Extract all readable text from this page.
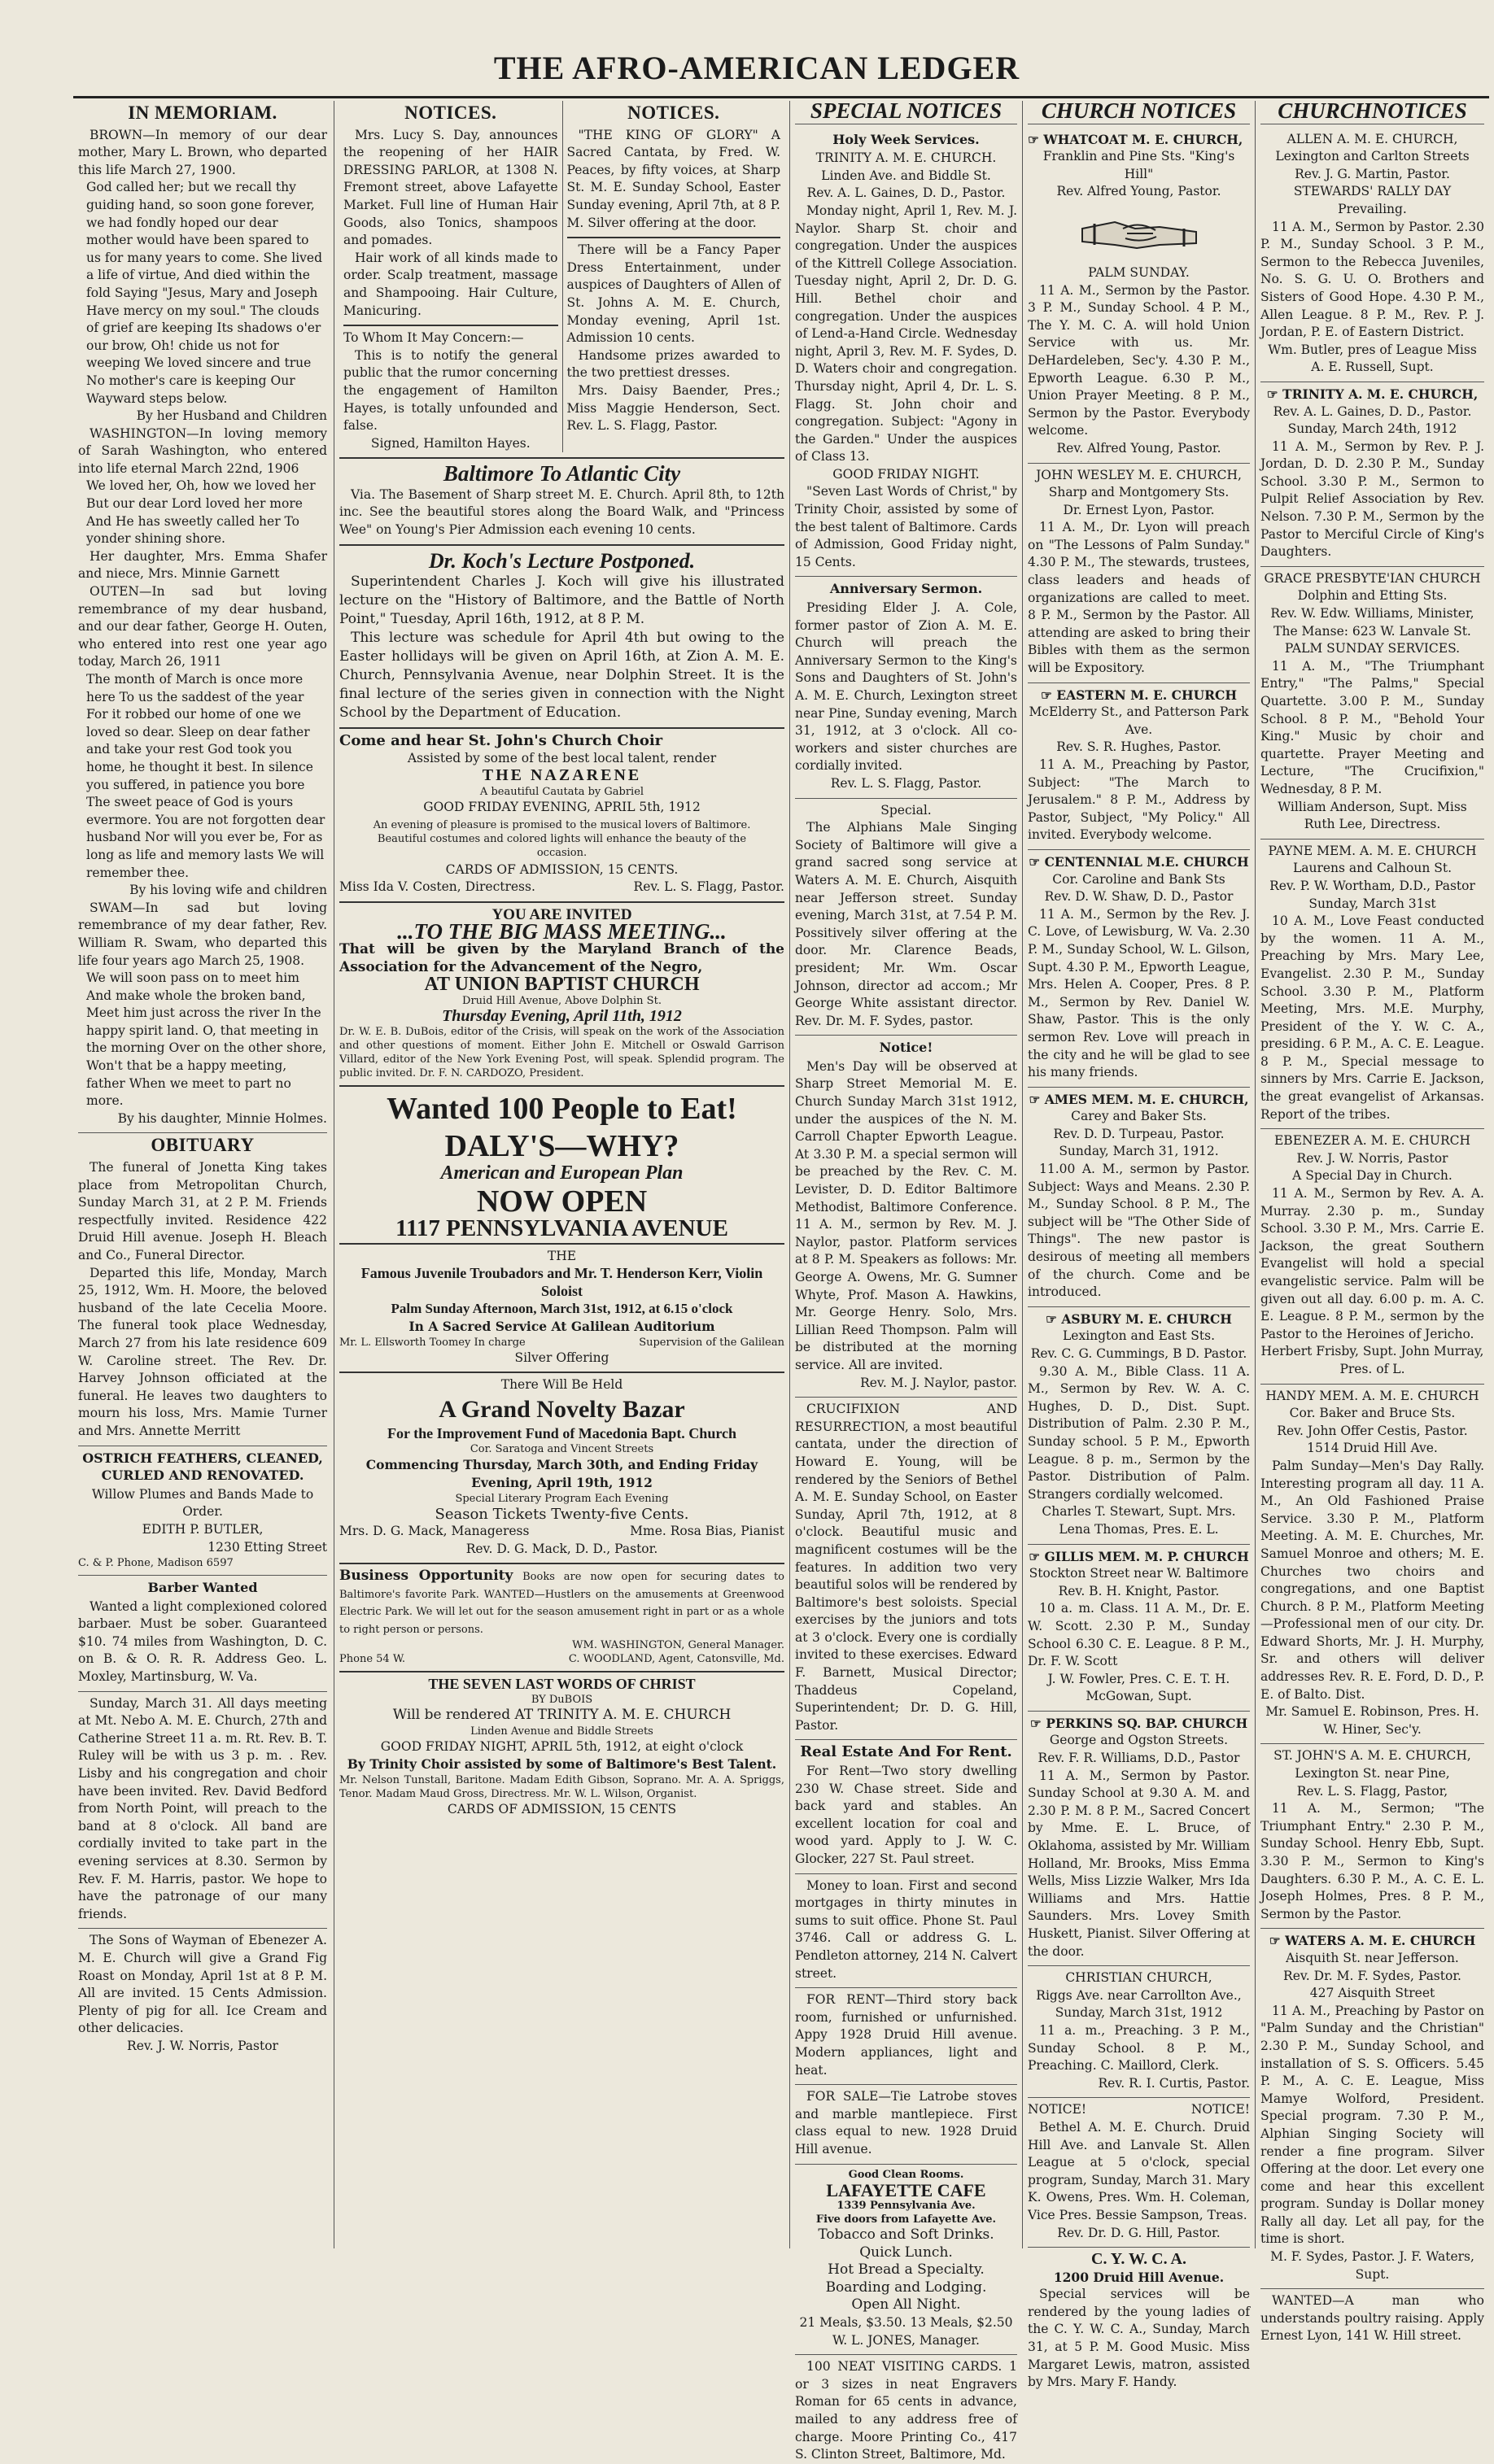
THE AFRO-AMERICAN LEDGER
IN MEMORIAM.

BROWN—In memory of our dear mother, Mary L. Brown, who departed this life March 27, 1900.

God called her; but we recall thy guiding hand, so soon gone forever, we had fondly hoped our dear mother would have been spared to us for many years to come. She lived a life of virtue, And died within the fold Saying "Jesus, Mary and Joseph Have mercy on my soul." The clouds of grief are keeping Its shadows o'er our brow, Oh! chide us not for weeping We loved sincere and true No mother's care is keeping Our Wayward steps below.
By her Husband and Children

WASHINGTON—In loving memory of Sarah Washington, who entered into life eternal March 22nd, 1906

We loved her, Oh, how we loved her But our dear Lord loved her more And He has sweetly called her To yonder shining shore.

Her daughter, Mrs. Emma Shafer and niece, Mrs. Minnie Garnett

OUTEN—In sad but loving remembrance of my dear husband, and our dear father, George H. Outen, who entered into rest one year ago today, March 26, 1911

The month of March is once more here To us the saddest of the year For it robbed our home of one we loved so dear. Sleep on dear father and take your rest God took you home, he thought it best. In silence you suffered, in patience you bore The sweet peace of God is yours evermore. You are not forgotten dear husband Nor will you ever be, For as long as life and memory lasts We will remember thee.
By his loving wife and children

SWAM—In sad but loving remembrance of my dear father, Rev. William R. Swam, who departed this life four years ago March 25, 1908.

We will soon pass on to meet him And make whole the broken band, Meet him just across the river In the happy spirit land. O, that meeting in the morning Over on the other shore, Won't that be a happy meeting, father When we meet to part no more.
By his daughter, Minnie Holmes.
OBITUARY

The funeral of Jonetta King takes place from Metropolitan Church, Sunday March 31, at 2 P. M. Friends respectfully invited. Residence 422 Druid Hill avenue. Joseph H. Bleach and Co., Funeral Director.

Departed this life, Monday, March 25, 1912, Wm. H. Moore, the beloved husband of the late Cecelia Moore. The funeral took place Wednesday, March 27 from his late residence 609 W. Caroline street. The Rev. Dr. Harvey Johnson officiated at the funeral. He leaves two daughters to mourn his loss, Mrs. Mamie Turner and Mrs. Annette Merritt

OSTRICH FEATHERS, CLEANED, CURLED AND RENOVATED.
Willow Plumes and Bands Made to Order.
EDITH P. BUTLER,
1230 Etting Street
C. & P. Phone, Madison 6597
Barber Wanted

Wanted a light complexioned colored barbaer. Must be sober. Guaranteed $10. 74 miles from Washington, D. C. on B. & O. R. R. Address Geo. L. Moxley, Martinsburg, W. Va.

Sunday, March 31. All days meeting at Mt. Nebo A. M. E. Church, 27th and Catherine Street 11 a. m. Rt. Rev. B. T. Ruley will be with us 3 p. m. . Rev. Lisby and his congregation and choir have been invited. Rev. David Bedford from North Point, will preach to the band at 8 o'clock. All band are cordially invited to take part in the evening services at 8.30. Sermon by Rev. F. M. Harris, pastor. We hope to have the patronage of our many friends.

The Sons of Wayman of Ebenezer A. M. E. Church will give a Grand Fig Roast on Monday, April 1st at 8 P. M. All are invited. 15 Cents Admission. Plenty of pig for all. Ice Cream and other delicacies.

Rev. J. W. Norris, Pastor
NOTICES.

Mrs. Lucy S. Day, announces the reopening of her HAIR DRESSING PARLOR, at 1308 N. Fremont street, above Lafayette Market. Full line of Human Hair Goods, also Tonics, shampoos and pomades.

Hair work of all kinds made to order. Scalp treatment, massage and Shampooing. Hair Culture, Manicuring.

To Whom It May Concern:—

This is to notify the general public that the rumor concerning the engagement of Hamilton Hayes, is totally unfounded and false.

Signed, Hamilton Hayes.
NOTICES.

"THE KING OF GLORY" A Sacred Cantata, by Fred. W. Peaces, by fifty voices, at Sharp St. M. E. Sunday School, Easter Sunday evening, April 7th, at 8 P. M. Silver offering at the door.

There will be a Fancy Paper Dress Entertainment, under auspices of Daughters of Allen of St. Johns A. M. E. Church, Monday evening, April 1st. Admission 10 cents.

Handsome prizes awarded to the two prettiest dresses.

Mrs. Daisy Baender, Pres.; Miss Maggie Henderson, Sect. Rev. L. S. Flagg, Pastor.

Baltimore To Atlantic City

Via. The Basement of Sharp street M. E. Church. April 8th, to 12th inc. See the beautiful stores along the Board Walk, and "Princess Wee" on Young's Pier Admission each evening 10 cents.

Dr. Koch's Lecture Postponed.

Superintendent Charles J. Koch will give his illustrated lecture on the "History of Baltimore, and the Battle of North Point," Tuesday, April 16th, 1912, at 8 P. M.

This lecture was schedule for April 4th but owing to the Easter hollidays will be given on April 16th, at Zion A. M. E. Church, Pennsylvania Avenue, near Dolphin Street. It is the final lecture of the series given in connection with the Night School by the Department of Education.

Come and hear St. John's Church Choir
Assisted by some of the best local talent, render
THE NAZARENE
A beautiful Cautata by Gabriel
GOOD FRIDAY EVENING, APRIL 5th, 1912
An evening of pleasure is promised to the musical lovers of Baltimore. Beautiful costumes and colored lights will enhance the beauty of the occasion.
CARDS OF ADMISSION, 15 CENTS.
Miss Ida V. Costen, Directress.	Rev. L. S. Flagg, Pastor.
YOU ARE INVITED
...TO THE BIG MASS MEETING...
That will be given by the Maryland Branch of the Association for the Advancement of the Negro,
AT UNION BAPTIST CHURCH
Druid Hill Avenue, Above Dolphin St.
Thursday Evening, April 11th, 1912
Dr. W. E. B. DuBois, editor of the Crisis, will speak on the work of the Association and other questions of moment. Either John E. Mitchell or Oswald Garrison Villard, editor of the New York Evening Post, will speak. Splendid program. The public invited. Dr. F. N. CARDOZO, President.
Wanted 100 People to Eat!
DALY'S—WHY?
American and European Plan
NOW OPEN
1117 PENNSYLVANIA AVENUE
THE
Famous Juvenile Troubadors and Mr. T. Henderson Kerr, Violin Soloist
Palm Sunday Afternoon, March 31st, 1912, at 6.15 o'clock
In A Sacred Service At Galilean Auditorium
Mr. L. Ellsworth Toomey In charge	Supervision of the Galilean
Silver Offering
There Will Be Held
A Grand Novelty Bazar
For the Improvement Fund of Macedonia Bapt. Church
Cor. Saratoga and Vincent Streets
Commencing Thursday, March 30th, and Ending Friday Evening, April 19th, 1912
Special Literary Program Each Evening
Season Tickets Twenty-five Cents.
Mrs. D. G. Mack, Manageress	Mme. Rosa Bias, Pianist
Rev. D. G. Mack, D. D., Pastor.
Business Opportunity Books are now open for securing dates to Baltimore's favorite Park. WANTED—Hustlers on the amusements at Greenwood Electric Park. We will let out for the season amusement right in part or as a whole to right person or persons.
WM. WASHINGTON, General Manager.
Phone 54 W.	C. WOODLAND, Agent, Catonsville, Md.
THE SEVEN LAST WORDS OF CHRIST
BY DuBOIS
Will be rendered AT TRINITY A. M. E. CHURCH
Linden Avenue and Biddle Streets
GOOD FRIDAY NIGHT, APRIL 5th, 1912, at eight o'clock
By Trinity Choir assisted by some of Baltimore's Best Talent.
Mr. Nelson Tunstall, Baritone. Madam Edith Gibson, Soprano. Mr. A. A. Spriggs, Tenor. Madam Maud Gross, Directress. Mr. W. L. Wilson, Organist.
CARDS OF ADMISSION, 15 CENTS
SPECIAL NOTICES
Holy Week Services.
TRINITY A. M. E. CHURCH.
Linden Ave. and Biddle St.
Rev. A. L. Gaines, D. D., Pastor.

Monday night, April 1, Rev. M. J. Naylor. Sharp St. choir and congregation. Under the auspices of the Kittrell College Association. Tuesday night, April 2, Dr. D. G. Hill. Bethel choir and congregation. Under the auspices of Lend-a-Hand Circle. Wednesday night, April 3, Rev. M. F. Sydes, D. D. Waters choir and congregation. Thursday night, April 4, Dr. L. S. Flagg. St. John choir and congregation. Subject: "Agony in the Garden." Under the auspices of Class 13.

GOOD FRIDAY NIGHT.

"Seven Last Words of Christ," by Trinity Choir, assisted by some of the best talent of Baltimore. Cards of Admission, Good Friday night, 15 Cents.

Anniversary Sermon.

Presiding Elder J. A. Cole, former pastor of Zion A. M. E. Church will preach the Anniversary Sermon to the King's Sons and Daughters of St. John's A. M. E. Church, Lexington street near Pine, Sunday evening, March 31, 1912, at 3 o'clock. All co-workers and sister churches are cordially invited.

Rev. L. S. Flagg, Pastor.
Special.

The Alphians Male Singing Society of Baltimore will give a grand sacred song service at Waters A. M. E. Church, Aisquith near Jefferson street. Sunday evening, March 31st, at 7.54 P. M. Possitively silver offering at the door. Mr. Clarence Beads, president; Mr. Wm. Oscar Johnson, director ad accom.; Mr George White assistant director. Rev. Dr. M. F. Sydes, pastor.

Notice!

Men's Day will be observed at Sharp Street Memorial M. E. Church Sunday March 31st 1912, under the auspices of the N. M. Carroll Chapter Epworth League. At 3.30 P. M. a special sermon will be preached by the Rev. C. M. Levister, D. D. Editor Baltimore Methodist, Baltimore Conference. 11 A. M., sermon by Rev. M. J. Naylor, pastor. Platform services at 8 P. M. Speakers as follows: Mr. George A. Owens, Mr. G. Sumner Whyte, Prof. Mason A. Hawkins, Mr. George Henry. Solo, Mrs. Lillian Reed Thompson. Palm will be distributed at the morning service. All are invited.

Rev. M. J. Naylor, pastor.

CRUCIFIXION AND RESURRECTION, a most beautiful cantata, under the direction of Howard E. Young, will be rendered by the Seniors of Bethel A. M. E. Sunday School, on Easter Sunday, April 7th, 1912, at 8 o'clock. Beautiful music and magnificent costumes will be the features. In addition two very beautiful solos will be rendered by Baltimore's best soloists. Special exercises by the juniors and tots at 3 o'clock. Every one is cordially invited to these exercises. Edward F. Barnett, Musical Director; Thaddeus Copeland, Superintendent; Dr. D. G. Hill, Pastor.

Real Estate And For Rent.

For Rent—Two story dwelling 230 W. Chase street. Side and back yard and stables. An excellent location for coal and wood yard. Apply to J. W. C. Glocker, 227 St. Paul street.

Money to loan. First and second mortgages in thirty minutes in sums to suit office. Phone St. Paul 3746. Call or address G. L. Pendleton attorney, 214 N. Calvert street.

FOR RENT—Third story back room, furnished or unfurnished. Appy 1928 Druid Hill avenue. Modern appliances, light and heat.

FOR SALE—Tie Latrobe stoves and marble mantlepiece. First class equal to new. 1928 Druid Hill avenue.

Good Clean Rooms.
LAFAYETTE CAFE
1339 Pennsylvania Ave.
Five doors from Lafayette Ave.
Tobacco and Soft Drinks.
Quick Lunch.
Hot Bread a Specialty.
Boarding and Lodging.
Open All Night.
21 Meals, $3.50. 13 Meals, $2.50
W. L. JONES, Manager.

100 NEAT VISITING CARDS. 1 or 3 sizes in neat Engravers Roman for 65 cents in advance, mailed to any address free of charge. Moore Printing Co., 417 S. Clinton Street, Baltimore, Md.

CHURCH NOTICES
☞ WHATCOAT M. E. CHURCH,
Franklin and Pine Sts. "King's Hill"
Rev. Alfred Young, Pastor.
PALM SUNDAY.

11 A. M., Sermon by the Pastor. 3 P. M., Sunday School. 4 P. M., The Y. M. C. A. will hold Union Service with us. Mr. DeHardeleben, Sec'y. 4.30 P. M., Epworth League. 6.30 P. M., Union Prayer Meeting. 8 P. M., Sermon by the Pastor. Everybody welcome.

Rev. Alfred Young, Pastor.
JOHN WESLEY M. E. CHURCH,
Sharp and Montgomery Sts.
Dr. Ernest Lyon, Pastor.

11 A. M., Dr. Lyon will preach on "The Lessons of Palm Sunday." 4.30 P. M., The stewards, trustees, class leaders and heads of organizations are called to meet. 8 P. M., Sermon by the Pastor. All attending are asked to bring their Bibles with them as the sermon will be Expository.

☞ EASTERN M. E. CHURCH
McElderry St., and Patterson Park Ave.
Rev. S. R. Hughes, Pastor.

11 A. M., Preaching by Pastor, Subject: "The March to Jerusalem." 8 P. M., Address by Pastor, Subject, "My Policy." All invited. Everybody welcome.

☞ CENTENNIAL M.E. CHURCH
Cor. Caroline and Bank Sts
Rev. D. W. Shaw, D. D., Pastor

11 A. M., Sermon by the Rev. J. C. Love, of Lewisburg, W. Va. 2.30 P. M., Sunday School, W. L. Gilson, Supt. 4.30 P. M., Epworth League, Mrs. Helen A. Cooper, Pres. 8 P. M., Sermon by Rev. Daniel W. Shaw, Pastor. This is the only sermon Rev. Love will preach in the city and he will be glad to see his many friends.

☞ AMES MEM. M. E. CHURCH,
Carey and Baker Sts.
Rev. D. D. Turpeau, Pastor.
Sunday, March 31, 1912.

11.00 A. M., sermon by Pastor. Subject: Ways and Means. 2.30 P. M., Sunday School. 8 P. M., The subject will be "The Other Side of Things". The new pastor is desirous of meeting all members of the church. Come and be introduced.

☞ ASBURY M. E. CHURCH
Lexington and East Sts.
Rev. C. G. Cummings, B D. Pastor.

9.30 A. M., Bible Class. 11 A. M., Sermon by Rev. W. A. C. Hughes, D. D., Dist. Supt. Distribution of Palm. 2.30 P. M., Sunday school. 5 P. M., Epworth League. 8 p. m., Sermon by the Pastor. Distribution of Palm. Strangers cordially welcomed.

Charles T. Stewart, Supt. Mrs. Lena Thomas, Pres. E. L.
☞ GILLIS MEM. M. P. CHURCH
Stockton Street near W. Baltimore
Rev. B. H. Knight, Pastor.

10 a. m. Class. 11 A. M., Dr. E. W. Scott. 2.30 P. M., Sunday School 6.30 C. E. League. 8 P. M., Dr. F. W. Scott

J. W. Fowler, Pres. C. E. T. H. McGowan, Supt.
☞ PERKINS SQ. BAP. CHURCH
George and Ogston Streets.
Rev. F. R. Williams, D.D., Pastor

11 A. M., Sermon by Pastor. Sunday School at 9.30 A. M. and 2.30 P. M. 8 P. M., Sacred Concert by Mme. E. L. Bruce, of Oklahoma, assisted by Mr. William Holland, Mr. Brooks, Miss Emma Wells, Miss Lizzie Walker, Mrs Ida Williams and Mrs. Hattie Saunders. Mrs. Lovey Smith Huskett, Pianist. Silver Offering at the door.

CHRISTIAN CHURCH,
Riggs Ave. near Carrollton Ave.,
Sunday, March 31st, 1912

11 a. m., Preaching. 3 P. M., Sunday School. 8 P. M., Preaching. C. Maillord, Clerk.

Rev. R. I. Curtis, Pastor.
NOTICE!	NOTICE!

Bethel A. M. E. Church. Druid Hill Ave. and Lanvale St. Allen League at 5 o'clock, special program, Sunday, March 31. Mary K. Owens, Pres. Wm. H. Coleman, Vice Pres. Bessie Sampson, Treas.

Rev. Dr. D. G. Hill, Pastor.
C. Y. W. C. A.
1200 Druid Hill Avenue.

Special services will be rendered by the young ladies of the C. Y. W. C. A., Sunday, March 31, at 5 P. M. Good Music. Miss Margaret Lewis, matron, assisted by Mrs. Mary F. Handy.

CHURCHNOTICES
ALLEN A. M. E. CHURCH,
Lexington and Carlton Streets
Rev. J. G. Martin, Pastor.
STEWARDS' RALLY DAY Prevailing.

11 A. M., Sermon by Pastor. 2.30 P. M., Sunday School. 3 P. M., Sermon to the Rebecca Juveniles, No. S. G. U. O. Brothers and Sisters of Good Hope. 4.30 P. M., Allen League. 8 P. M., Rev. P. J. Jordan, P. E. of Eastern District.

Wm. Butler, pres of League Miss A. E. Russell, Supt.
☞ TRINITY A. M. E. CHURCH,
Rev. A. L. Gaines, D. D., Pastor.
Sunday, March 24th, 1912

11 A. M., Sermon by Rev. P. J. Jordan, D. D. 2.30 P. M., Sunday School. 3.30 P. M., Sermon to Pulpit Relief Association by Rev. Nelson. 7.30 P. M., Sermon by the Pastor to Merciful Circle of King's Daughters.

GRACE PRESBYTE'IAN CHURCH
Dolphin and Etting Sts.
Rev. W. Edw. Williams, Minister,
The Manse: 623 W. Lanvale St.
PALM SUNDAY SERVICES.

11 A. M., "The Triumphant Entry," "The Palms," Special Quartette. 3.00 P. M., Sunday School. 8 P. M., "Behold Your King." Music by choir and quartette. Prayer Meeting and Lecture, "The Crucifixion," Wednesday, 8 P. M.

William Anderson, Supt. Miss Ruth Lee, Directress.
PAYNE MEM. A. M. E. CHURCH
Laurens and Calhoun St.
Rev. P. W. Wortham, D.D., Pastor
Sunday, March 31st

10 A. M., Love Feast conducted by the women. 11 A. M., Preaching by Mrs. Mary Lee, Evangelist. 2.30 P. M., Sunday School. 3.30 P. M., Platform Meeting, Mrs. M.E. Murphy, President of the Y. W. C. A., presiding. 6 P. M., A. C. E. League. 8 P. M., Special message to sinners by Mrs. Carrie E. Jackson, the great evangelist of Arkansas. Report of the tribes.

EBENEZER A. M. E. CHURCH
Rev. J. W. Norris, Pastor
A Special Day in Church.

11 A. M., Sermon by Rev. A. A. Murray. 2.30 p. m., Sunday School. 3.30 P. M., Mrs. Carrie E. Jackson, the great Southern Evangelist will hold a special evangelistic service. Palm will be given out all day. 6.00 p. m. A. C. E. League. 8 P. M., sermon by the Pastor to the Heroines of Jericho.

Herbert Frisby, Supt. John Murray, Pres. of L.
HANDY MEM. A. M. E. CHURCH
Cor. Baker and Bruce Sts.
Rev. John Offer Cestis, Pastor.
1514 Druid Hill Ave.

Palm Sunday—Men's Day Rally. Interesting program all day. 11 A. M., An Old Fashioned Praise Service. 3.30 P. M., Platform Meeting. A. M. E. Churches, Mr. Samuel Monroe and others; M. E. Churches two choirs and congregations, and one Baptist Church. 8 P. M., Platform Meeting—Professional men of our city. Dr. Edward Shorts, Mr. J. H. Murphy, Sr. and others will deliver addresses Rev. R. E. Ford, D. D., P. E. of Balto. Dist.

Mr. Samuel E. Robinson, Pres. H. W. Hiner, Sec'y.
ST. JOHN'S A. M. E. CHURCH,
Lexington St. near Pine,
Rev. L. S. Flagg, Pastor,

11 A. M., Sermon; "The Triumphant Entry." 2.30 P. M., Sunday School. Henry Ebb, Supt. 3.30 P. M., Sermon to King's Daughters. 6.30 P. M., A. C. E. L. Joseph Holmes, Pres. 8 P. M., Sermon by the Pastor.

☞ WATERS A. M. E. CHURCH
Aisquith St. near Jefferson.
Rev. Dr. M. F. Sydes, Pastor.
427 Aisquith Street

11 A. M., Preaching by Pastor on "Palm Sunday and the Christian" 2.30 P. M., Sunday School, and installation of S. S. Officers. 5.45 P. M., A. C. E. League, Miss Mamye Wolford, President. Special program. 7.30 P. M., Alphian Singing Society will render a fine program. Silver Offering at the door. Let every one come and hear this excellent program. Sunday is Dollar money Rally all day. Let all pay, for the time is short.

M. F. Sydes, Pastor. J. F. Waters, Supt.

WANTED—A man who understands poultry raising. Apply Ernest Lyon, 141 W. Hill street.
